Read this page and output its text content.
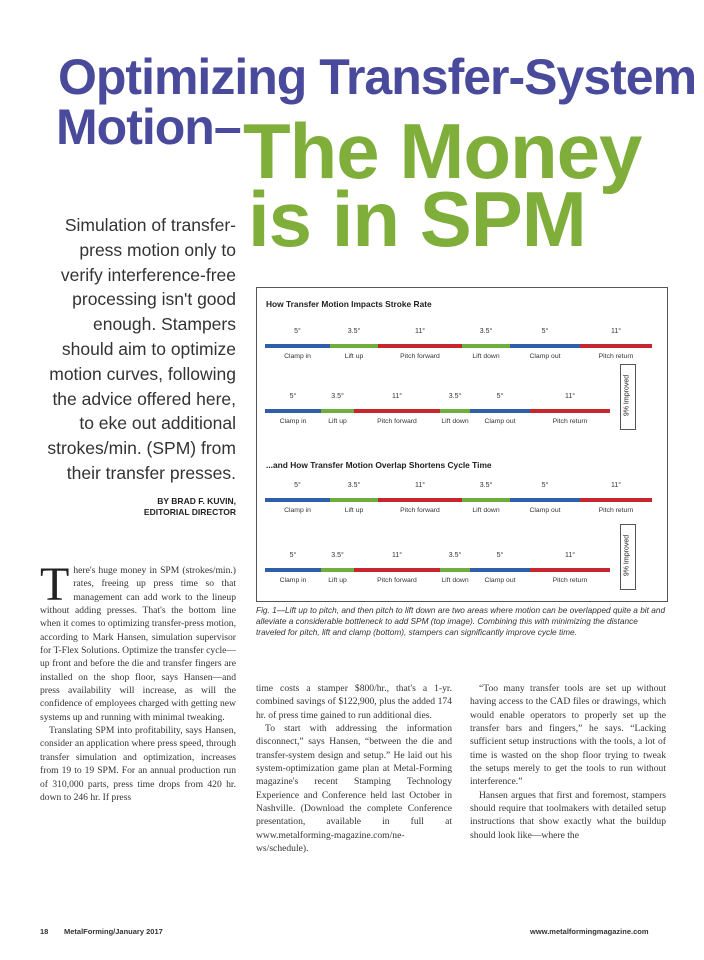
Optimizing Transfer-System
Motion– The Money
is in SPM
Simulation of transfer-press motion only to verify interference-free processing isn't good enough. Stampers should aim to optimize motion curves, following the advice offered here, to eke out additional strokes/min. (SPM) from their transfer presses.
BY BRAD F. KUVIN,
EDITORIAL DIRECTOR
How Transfer Motion Impacts Stroke Rate
...and How Transfer Motion Overlap Shortens Cycle Time
5°
Clamp in
3.5°
Lift up
11°
Pitch forward
3.5°
Lift down
5°
Clamp out
11°
Pitch return
5°
Clamp in
3.5°
Lift up
11°
Pitch forward
3.5°
Lift down
5°
Clamp out
11°
Pitch return
5°
Clamp in
3.5°
Lift up
11°
Pitch forward
3.5°
Lift down
5°
Clamp out
11°
Pitch return
5°
Clamp in
3.5°
Lift up
11°
Pitch forward
3.5°
Lift down
5°
Clamp out
11°
Pitch return
9% Improved
9% Improved
Fig. 1—Lift up to pitch, and then pitch to lift down are two areas where motion can be overlapped quite a bit and alleviate a considerable bottleneck to add SPM (top image). Combining this with minimizing the distance traveled for pitch, lift and clamp (bottom), stampers can significantly improve cycle time.

There's huge money in SPM (strokes/min.) rates, freeing up press time so that management can add work to the lineup without adding presses. That's the bottom line when it comes to optimizing transfer-press motion, according to Mark Hansen, simulation supervisor for T-Flex Solutions. Optimize the transfer cycle—up front and before the die and transfer fingers are installed on the shop floor, says Hansen—and press availability will increase, as will the confidence of employees charged with getting new systems up and running with minimal tweaking.

Translating SPM into profitability, says Hansen, consider an application where press speed, through transfer simulation and optimization, increases from 19 to 19 SPM. For an annual production run of 310,000 parts, press time drops from 420 hr. down to 246 hr. If press

time costs a stamper $800/hr., that's a 1-yr. combined savings of $122,900, plus the added 174 hr. of press time gained to run additional dies.

To start with addressing the information disconnect,” says Hansen, “between the die and transfer-system design and setup.” He laid out his system-optimization game plan at Metal-Forming magazine's recent Stamping Technology Experience and Conference held last October in Nashville. (Download the complete Conference presentation, available in full at www.metalforming-magazine.com/ne-ws/schedule).

“Too many transfer tools are set up without having access to the CAD files or drawings, which would enable operators to properly set up the transfer bars and fingers,” he says. “Lacking sufficient setup instructions with the tools, a lot of time is wasted on the shop floor trying to tweak the setups merely to get the tools to run without interference.”

Hansen argues that first and foremost, stampers should require that toolmakers with detailed setup instructions that show exactly what the buildup should look like—where the

18 MetalForming/January 2017	www.metalformingmagazine.com
